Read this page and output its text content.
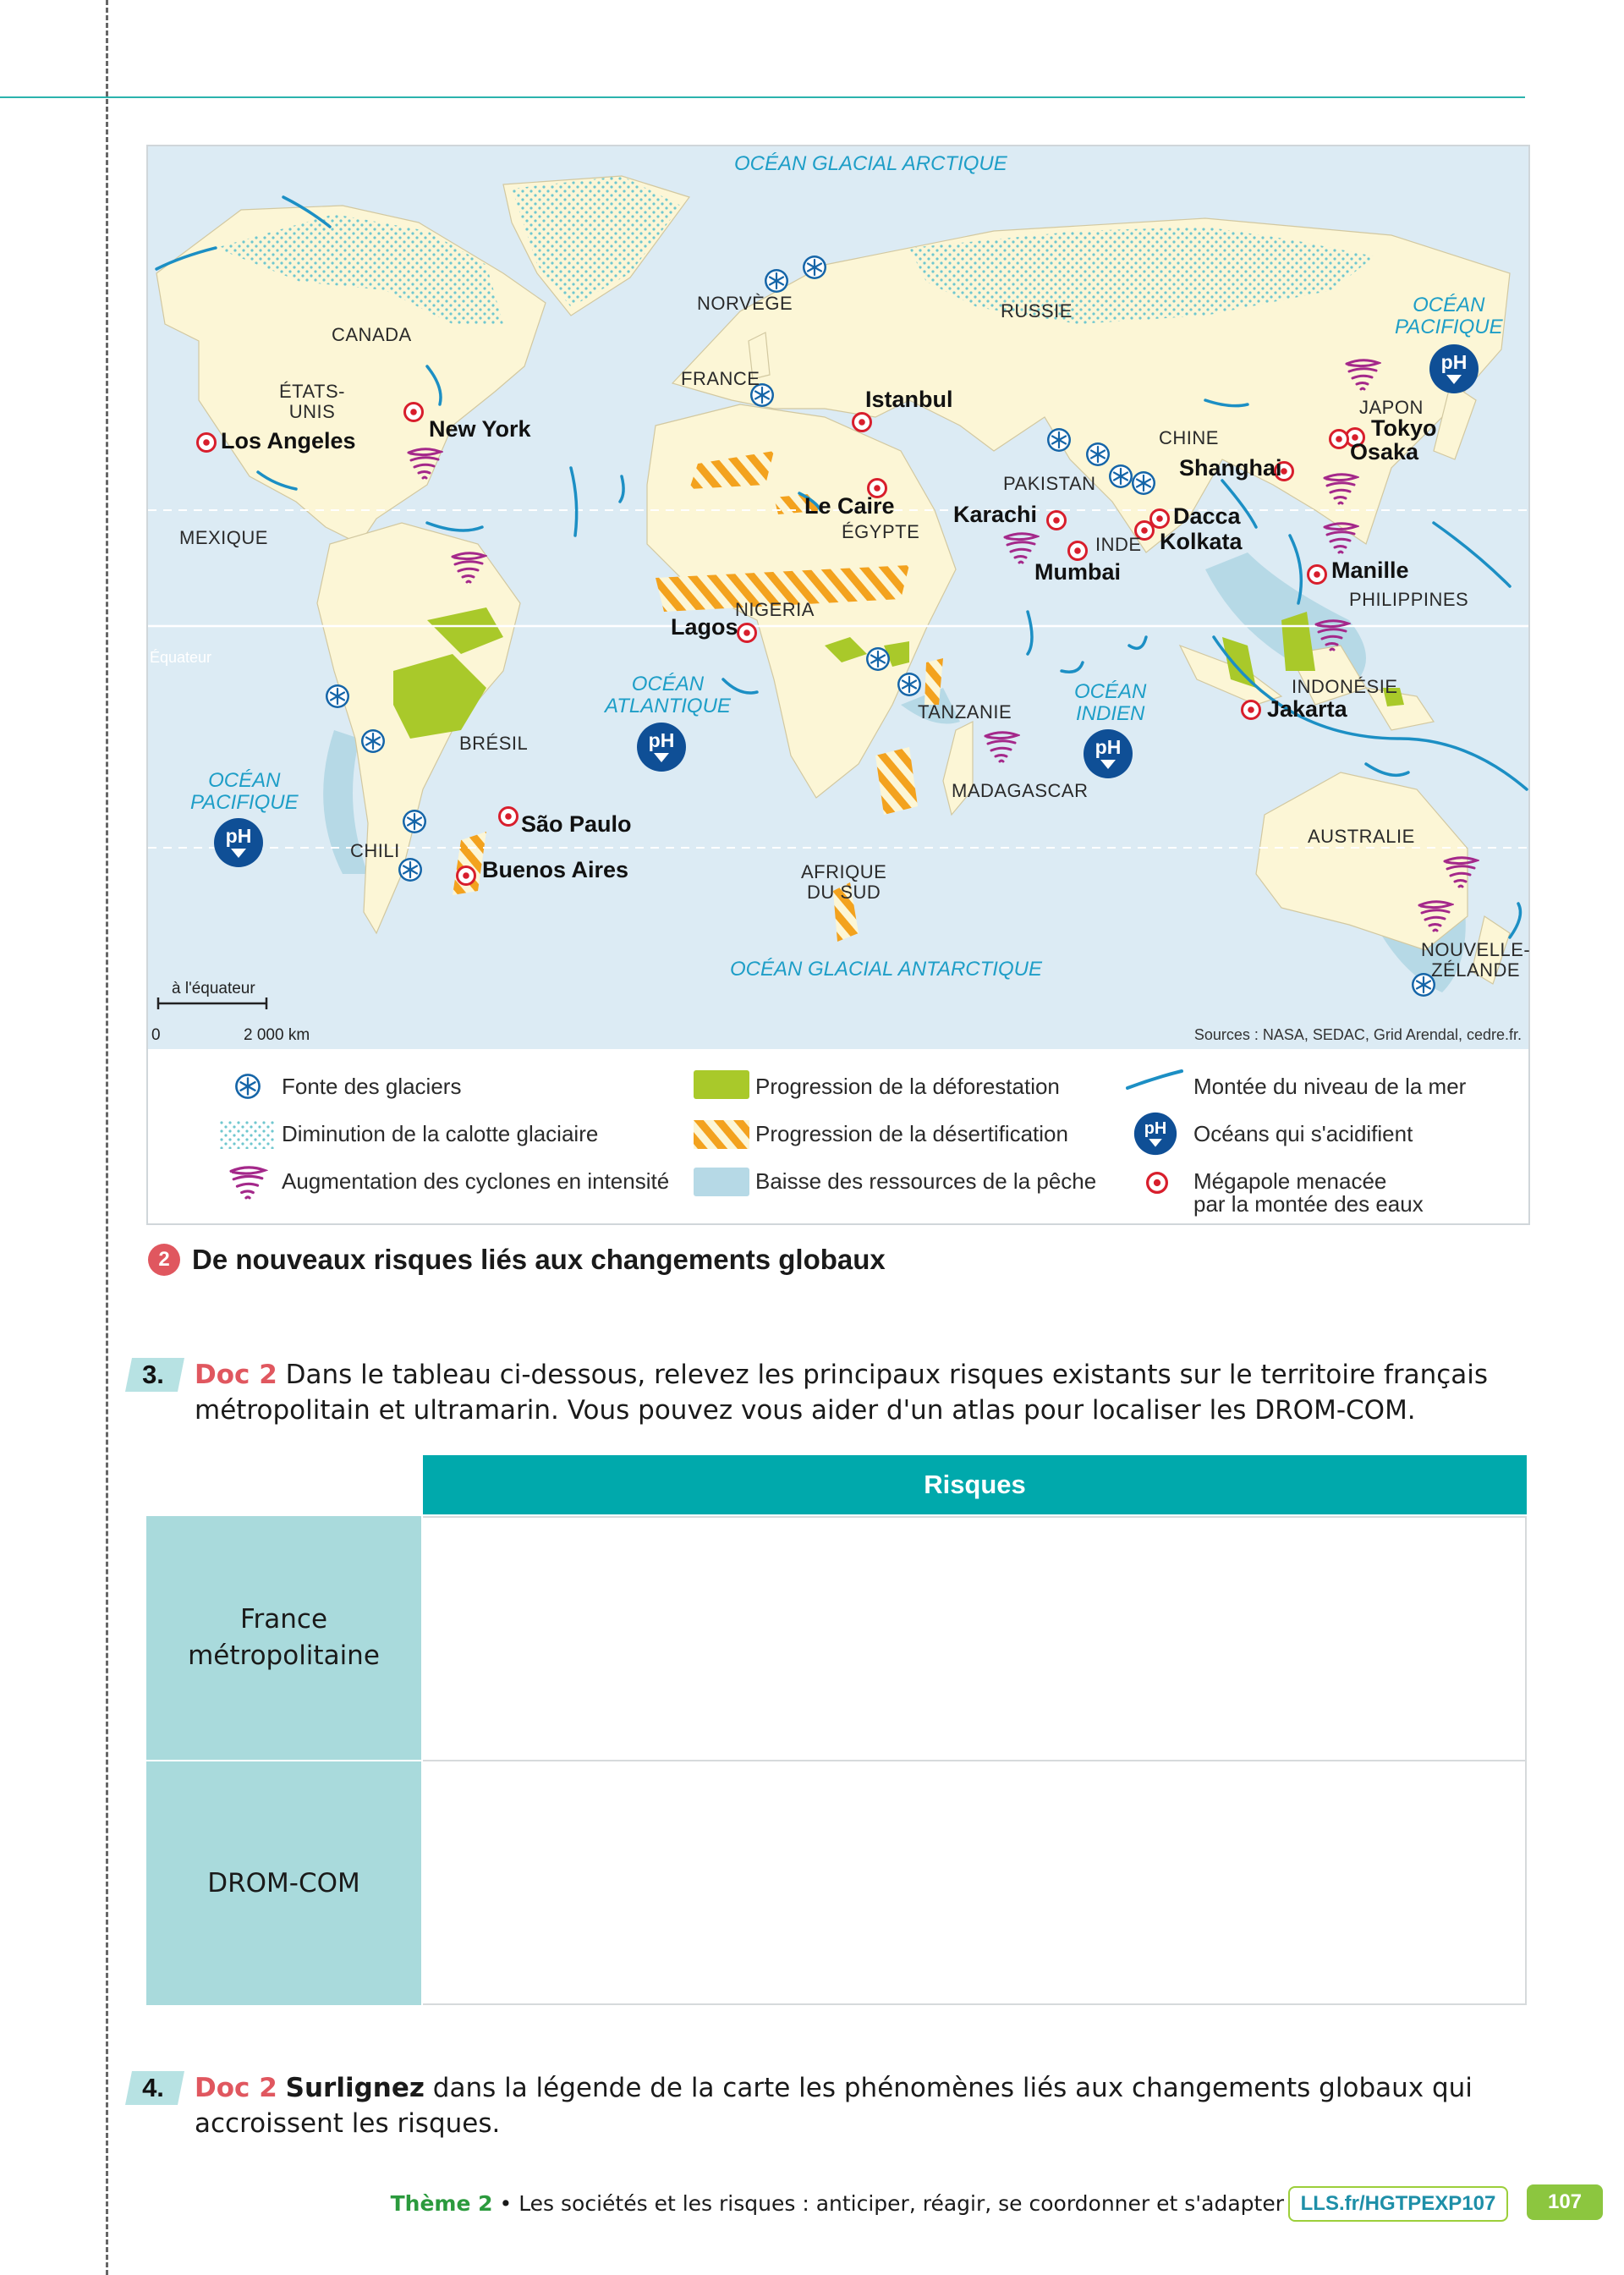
OCÉAN GLACIAL ARCTIQUE
OCÉAN
PACIFIQUE
OCÉAN
PACIFIQUE
OCÉAN
ATLANTIQUE
OCÉAN
INDIEN
OCÉAN GLACIAL ANTARCTIQUE
CANADA
ÉTATS-
UNIS
MEXIQUE
BRÉSIL
CHILI
NORVÈGE
FRANCE
RUSSIE
CHINE
JAPON
PAKISTAN
INDE
ÉGYPTE
NIGERIA
TANZANIE
MADAGASCAR
AFRIQUE
DU SUD
PHILIPPINES
INDONÉSIE
AUSTRALIE
NOUVELLE-
ZÉLANDE
Los Angeles	New York
Istanbul
Le Caire	Karachi
Mumbai
Dacca
Kolkata
Shanghai
Tokyo
Osaka
Manille
Jakarta
Lagos
São Paulo
Buenos Aires
Équateur
à l'équateur
0	2 000 km	Sources : NASA, SEDAC, Grid Arendal, cedre.fr.
Fonte des glaciers
Diminution de la calotte glaciaire
Augmentation des cyclones en intensité
Progression de la déforestation
Progression de la désertification
Baisse des ressources de la pêche
Montée du niveau de la mer
pH Océans qui s'acidifient
Mégapole menacée
par la montée des eaux
2 De nouveaux risques liés aux changements globaux
3.	Doc 2 Dans le tableau ci-dessous, relevez les principaux risques existants sur le territoire français métropolitain et ultramarin. Vous pouvez vous aider d'un atlas pour localiser les DROM-COM.
Risques
France
métropolitaine
DROM-COM
4.	Doc 2 Surlignez dans la légende de la carte les phénomènes liés aux changements globaux qui accroissent les risques.
Thème 2 • Les sociétés et les risques : anticiper, réagir, se coordonner et s'adapter LLS.fr/HGTPEXP107	107
